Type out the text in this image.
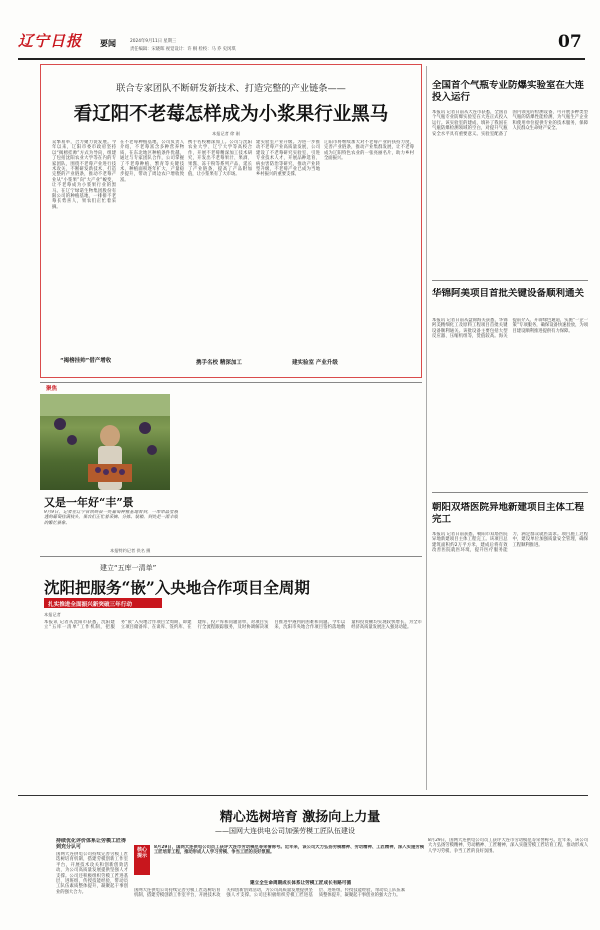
辽宁日报 要闻	2024年9月11日 星期三
责任编辑：宋晓晖 视觉设计：许 桐 检校：马 乔 史冈琪	07
联合专家团队不断研发新技术、打造完整的产业链条——
看辽阳不老莓怎样成为小浆果行业黑马
本报记者 徐 刚
众擎易举，合力聚力促发展。今年以来，辽阳市委市政府坚持以“揭榜挂帅”方式为导向，组建了包括沈阳农业大学等在内的专家团队，围绕不老莓产业进行技术攻关，不断研发新技术、打造完整的产业链条，推动不老莓产业从“小浆果”向“大产业”蜕变，让不老莓成为小浆果行业的黑马。在辽宁绿诺生物集团股份有限公司的种植基地，一排排不老莓长势喜人，果农们正忙着采摘。
在不老莓种植基地，公司负责人介绍，不老莓富含多种营养物质，在东北地区种植条件优越，通过与专家团队合作，公司掌握了不老莓种植、繁育等关键技术，种植面积逐年扩大，产量稳步提升，带动了周边农户增收致富。
携手名校精深加工。公司与沈阳农业大学、辽宁大学等高校合作，开展不老莓精深加工技术研究，开发出不老莓果汁、果酒、果酱、冻干粉等系列产品，延长了产业链条，提高了产品附加值，让小浆果有了大市场。
建实验室产业升级。为进一步推动不老莓产业高质量发展，公司建设了不老莓研究实验室，引进专业技术人才，开展品种选育、病虫害防治等研究，推动产业转型升级，不老莓产业已成为当地乡村振兴的重要支撑。
辽阳市将继续加大对不老莓产业的扶持力度，完善产业链条，推动产业集群发展，让不老莓成为辽阳特色农业的一张亮丽名片，助力乡村全面振兴。
“揭榜挂帅”借产增收	携手名校 精深加工	建实验室 产业升级
全国首个气瓶专业防爆实验室在大连投入运行
本报讯 记者日前从大连市获悉，全国首个气瓶专业防爆实验室在大连正式投入运行。该实验室的建成，填补了我国在气瓶防爆检测领域的空白，对提升气瓶安全水平具有重要意义。实验室配备了国内领先的检测设备，可开展多种类型气瓶的防爆性能检测，为气瓶生产企业和使用单位提供专业的技术服务，保障人民群众生命财产安全。
华锦阿美项目首批关键设备顺利通关
本报讯 记者日前从盘锦海关获悉，华锦阿美精细化工及原料工程项目首批关键设备顺利通关。该批设备主要包括大型反应器、压缩机组等，货值较高。海关提前介入，开辟绿色通道，实施“一企一策”专项服务，确保设备快速验放，为项目建设顺利推进提供有力保障。
朝阳双塔医院异地新建项目主体工程完工
本报讯 记者日前获悉，朝阳市双塔医院异地新建项目主体工程完工。该项目总建筑面积约2万平方米，建成后将有效改善医院就医环境，提升医疗服务能力，满足群众就医需求。项目施工过程中，建设单位加强质量安全管理，确保工程顺利推进。
聚焦
又是一年好“丰”景
9月9日，记者在辽宁省铁岭县一处葡萄种植基地看到，一串串晶莹剔透的葡萄挂满枝头，果农们正忙着采摘、分拣、装箱，到处是一派丰收的繁忙景象。
本报特约记者 佚名 摄
建立“五库一清单”
沈阳把服务“嵌”入央地合作项目全周期
扎实推进全面振兴新突破三年行动
本报记者
本报讯 记者从沈阳市获悉，沈阳建立“五库一清单”工作机制，把服务“嵌”入央地合作项目全周期，即建立项目储备库、在谈库、签约库、在建库、投产库和问题清单，对项目实行全流程跟踪服务，及时协调解决项目推进中遇到的困难和问题。今年以来，沈阳市央地合作项目签约落地数量和投资额均实现较快增长，为全市经济高质量发展注入强劲动能。
精心选树培育 激扬向上力量
——国网大连供电公司加强劳模工匠队伍建设
持续优化评价体系让劳模工匠得到充分认可
国网大连供电公司持续完善劳模工匠选树培育机制，搭建劳模创新工作室平台，开展技术攻关和创新创效活动，为公司高质量发展提供坚强人才支撑。公司还积极组织劳模工匠进基层、进班组，传授技能经验，带动员工队伍素质整体提升，凝聚起干事创业的强大合力。
核心提示
8月29日，国网大连供电公司员工获评大连市劳动模范等荣誉称号。近年来，该公司大力弘扬劳模精神、劳动精神、工匠精神，深入实施劳模工匠培育工程，推动形成人人学习劳模、争当工匠的良好氛围。
建立全生命周期成长体系让劳模工匠成长有路可循
国网大连供电公司持续完善劳模工匠选树培育机制，搭建劳模创新工作室平台，开展技术攻关和创新创效活动，为公司高质量发展提供坚强人才支撑。公司还积极组织劳模工匠进基层、进班组，传授技能经验，带动员工队伍素质整体提升，凝聚起干事创业的强大合力。
8月29日，国网大连供电公司员工获评大连市劳动模范等荣誉称号。近年来，该公司大力弘扬劳模精神、劳动精神、工匠精神，深入实施劳模工匠培育工程，推动形成人人学习劳模、争当工匠的良好氛围。
